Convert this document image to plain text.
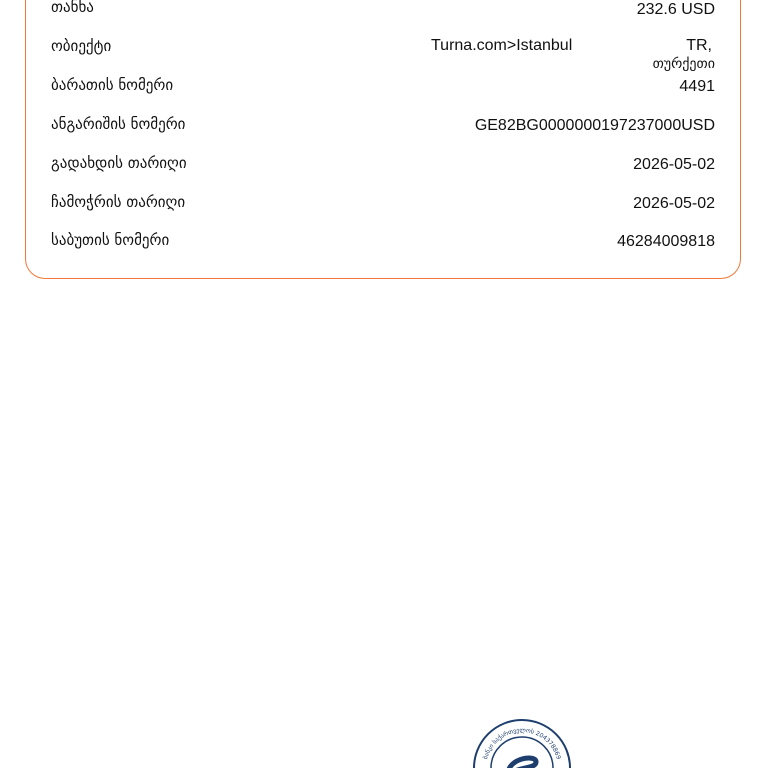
თანხა	232.6 USD
ობიექტი	Turna.com>Istanbul	TR,
თურქეთი
ბარათის ნომერი	4491
ანგარიშის ნომერი	GE82BG0000000197237000USD
გადახდის თარიღი	2026-05-02
ჩამოჭრის თარიღი	2026-05-02
საბუთის ნომერი	46284009818
ბანკი საქართველოს 204378869
